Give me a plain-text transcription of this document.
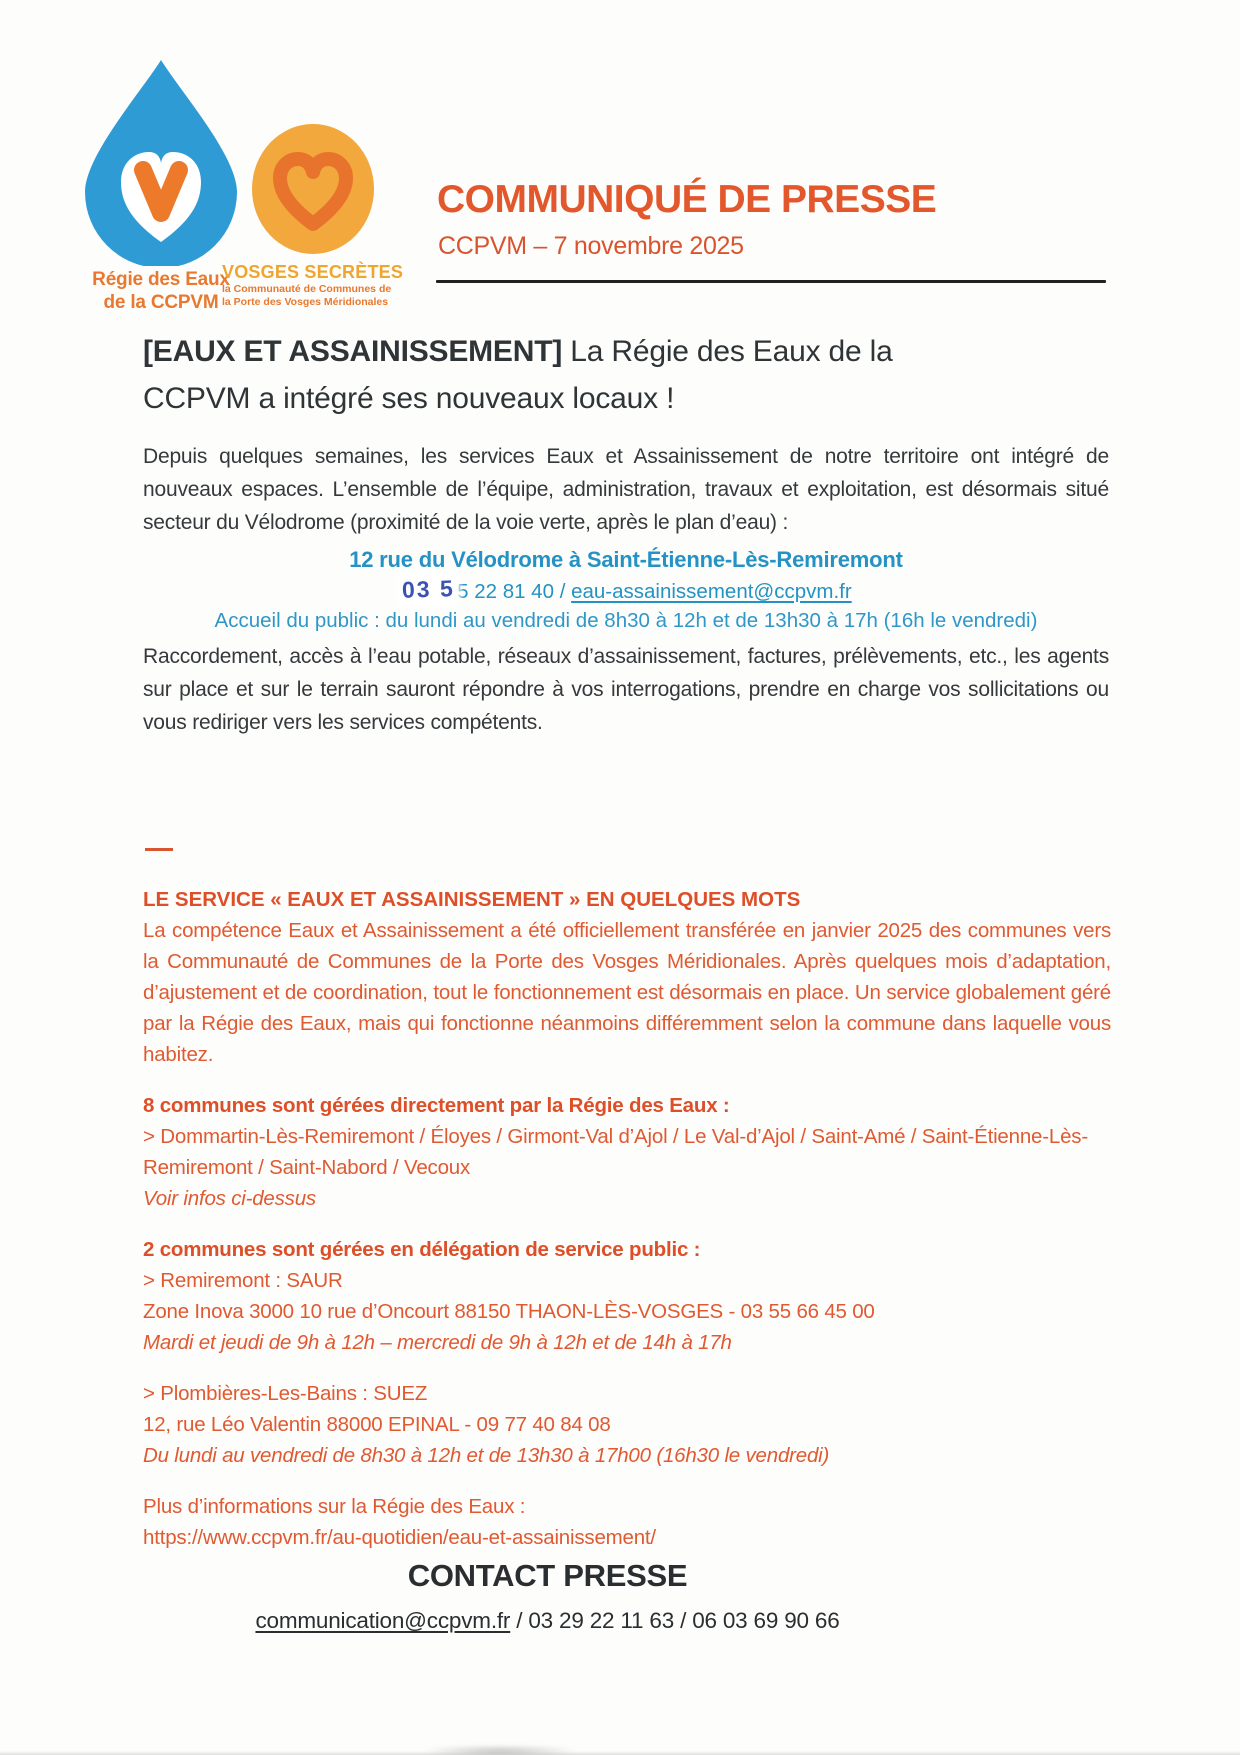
Régie des Eaux
de la CCPVM
VOSGES SECRÈTES
la Communauté de Communes de
la Porte des Vosges Méridionales
COMMUNIQUÉ DE PRESSE
CCPVM – 7 novembre 2025
[EAUX ET ASSAINISSEMENT] La Régie des Eaux de la CCPVM a intégré ses nouveaux locaux !
Depuis quelques semaines, les services Eaux et Assainissement de notre territoire ont intégré de nouveaux espaces. L’ensemble de l’équipe, administration, travaux et exploitation, est désormais situé secteur du Vélodrome (proximité de la voie verte, après le plan d’eau) :
12 rue du Vélodrome à Saint-Étienne-Lès-Remiremont
03 55 22 81 40 / eau-assainissement@ccpvm.fr
Accueil du public : du lundi au vendredi de 8h30 à 12h et de 13h30 à 17h (16h le vendredi)
Raccordement, accès à l’eau potable, réseaux d’assainissement, factures, prélèvements, etc., les agents sur place et sur le terrain sauront répondre à vos interrogations, prendre en charge vos sollicitations ou vous rediriger vers les services compétents.
LE SERVICE « EAUX ET ASSAINISSEMENT » EN QUELQUES MOTS
La compétence Eaux et Assainissement a été officiellement transférée en janvier 2025 des communes vers la Communauté de Communes de la Porte des Vosges Méridionales. Après quelques mois d’adaptation, d’ajustement et de coordination, tout le fonctionnement est désormais en place. Un service globalement géré par la Régie des Eaux, mais qui fonctionne néanmoins différemment selon la commune dans laquelle vous habitez.
8 communes sont gérées directement par la Régie des Eaux :
> Dommartin-Lès-Remiremont / Éloyes / Girmont-Val d’Ajol / Le Val-d’Ajol / Saint-Amé / Saint-Étienne-Lès-Remiremont / Saint-Nabord / Vecoux
Voir infos ci-dessus
2 communes sont gérées en délégation de service public :
> Remiremont : SAUR
Zone Inova 3000 10 rue d’Oncourt 88150 THAON-LÈS-VOSGES - 03 55 66 45 00
Mardi et jeudi de 9h à 12h – mercredi de 9h à 12h et de 14h à 17h
> Plombières-Les-Bains : SUEZ
12, rue Léo Valentin 88000 EPINAL - 09 77 40 84 08
Du lundi au vendredi de 8h30 à 12h et de 13h30 à 17h00 (16h30 le vendredi)
Plus d’informations sur la Régie des Eaux :
https://www.ccpvm.fr/au-quotidien/eau-et-assainissement/
CONTACT PRESSE
communication@ccpvm.fr / 03 29 22 11 63 / 06 03 69 90 66
